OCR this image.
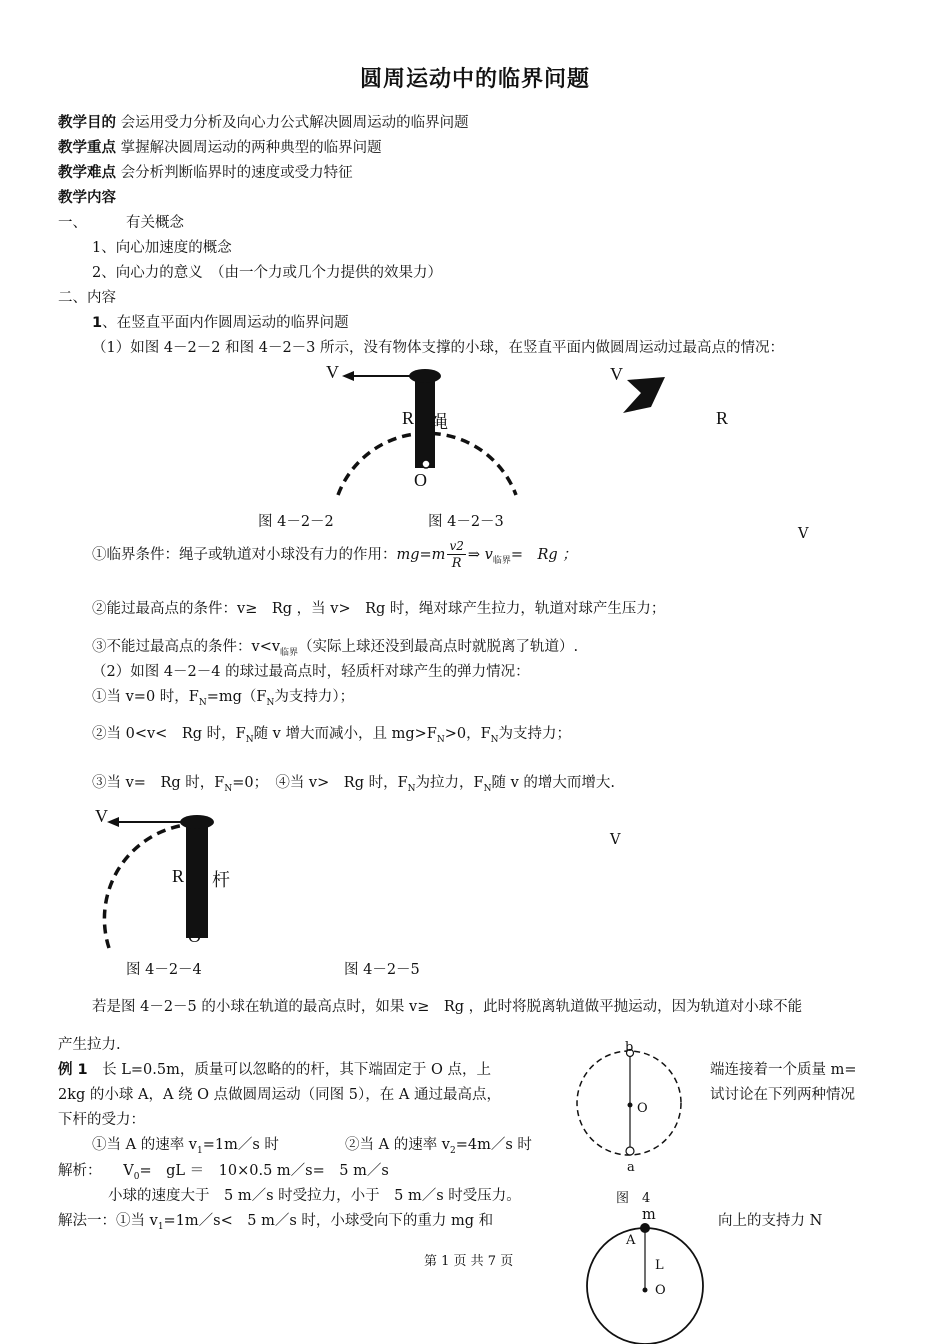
圆周运动中的临界问题
教学目的 会运用受力分析及向心力公式解决圆周运动的临界问题
教学重点 掌握解决圆周运动的两种典型的临界问题
教学难点 会分析判断临界时的速度或受力特征
教学内容
一、	有关概念
1、向心加速度的概念
2、向心力的意义　（由一个力或几个力提供的效果力）
二、内容
1、在竖直平面内作圆周运动的临界问题
（1）如图 4－2－2 和图 4－2－3 所示，没有物体支撑的小球，在竖直平面内做圆周运动过最高点的情况：
V
R 绳
O
V
R
图 4－2－2	图 4－2－3
V
①临界条件：绳子或轨道对小球没有力的作用：$mg=m \frac{v2}{R}$ ⇒ $v_{临界}=$　Rg ；
②能过最高点的条件：v≥　Rg ，当 v>　Rg 时，绳对球产生拉力，轨道对球产生压力；
③不能过最高点的条件：$v<v_{临界}$（实际上球还没到最高点时就脱离了轨道）.
（2）如图 4－2－4 的球过最高点时，轻质杆对球产生的弹力情况：
①当 v=0 时，$F_N=mg(F_N$为支持力）；
②当 0<v<　Rg 时，$F_N$随 v 增大而减小，且 $mg>F_N>0$，$F_N$为支持力；
③当 v=　Rg 时，$F_N=0$；　④当 v>　Rg 时，$F_N$为拉力，$F_N$随 v 的增大而增大.
V
R 杆
O
V
图 4－2－4	图 4－2－5
若是图 4－2－5 的小球在轨道的最高点时，如果 v≥　Rg ，此时将脱离轨道做平抛运动，因为轨道对小球不能
产生拉力.
例 1　长 L=0.5m，质量可以忽略的的杆，其下端固定于 O 点，上	端连接着一个质量 m=
2kg 的小球 A，A 绕 O 点做圆周运动（同图 5），在 A 通过最高点，	试讨论在下列两种情况
下杆的受力：
①当 A 的速率 $v_1=1m/s$ 时	②当 A 的速率 $v_2=4m/s$ 时
解析：　　$V_0=$　gL ＝　10×0.5 m／s=　5 m／s
小球的速度大于　5 m／s 时受拉力，小于　5 m／s 时受压力。
解法一：①当 $v_1=1m/s<$　5 m／s 时，小球受向下的重力 mg 和	向上的支持力 N
b
O
a
图　4
m
A
L
O
第 1 页 共 7 页
